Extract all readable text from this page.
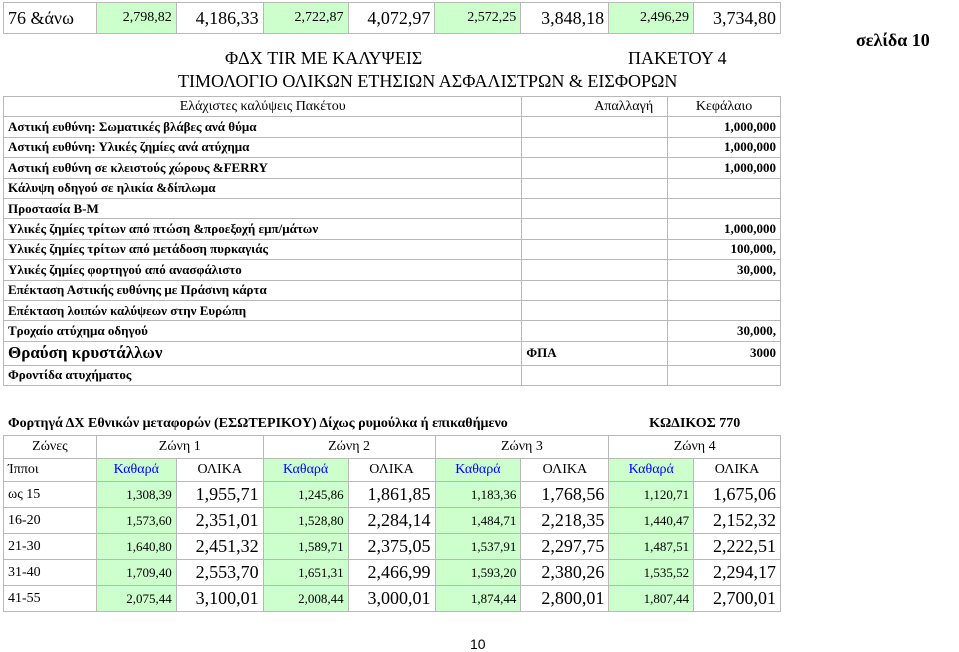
76 &άνω	2,798,82	4,186,33	2,722,87	4,072,97	2,572,25	3,848,18	2,496,29	3,734,80
σελίδα 10
ΦΔΧ TIR ΜΕ ΚΑΛΥΨΕΙΣ	ΠΑΚΕΤΟΥ 4
ΤΙΜΟΛΟΓΙΟ ΟΛΙΚΩΝ ΕΤΗΣΙΩΝ ΑΣΦΑΛΙΣΤΡΩΝ & ΕΙΣΦΟΡΩΝ
Ελάχιστες καλύψεις Πακέτου	Απαλλαγή	Κεφάλαιο
Αστική ευθύνη: Σωματικές βλάβες ανά θύμα		1,000,000
Αστική ευθύνη: Υλικές ζημίες ανά ατύχημα		1,000,000
Αστική ευθύνη σε κλειστούς χώρους &FERRY		1,000,000
Κάλυψη οδηγού σε ηλικία &δίπλωμα		
Προστασία Β-Μ		
Υλικές ζημίες τρίτων από πτώση &προεξοχή εμπ/μάτων		1,000,000
Υλικές ζημίες τρίτων από μετάδοση πυρκαγιάς		100,000,
Υλικές ζημίες φορτηγού από ανασφάλιστο		30,000,
Επέκταση Αστικής ευθύνης με Πράσινη κάρτα		
Επέκταση λοιπών καλύψεων στην Ευρώπη		
Τροχαίο ατύχημα οδηγού		30,000,
Θραύση κρυστάλλων	ΦΠΑ	3000
Φροντίδα ατυχήματος		
Φορτηγά ΔΧ Εθνικών μεταφορών (ΕΣΩΤΕΡΙΚΟΥ) Δίχως ρυμούλκα ή επικαθήμενο							ΚΩΔΙΚΟΣ 770	
Ζώνες	Ζώνη 1		Ζώνη 2		Ζώνη 3		Ζώνη 4	
Ίπποι	Καθαρά	ΟΛΙΚΑ	Καθαρά	ΟΛΙΚΑ	Καθαρά	ΟΛΙΚΑ	Καθαρά	ΟΛΙΚΑ
ως 15	1,308,39	1,955,71	1,245,86	1,861,85	1,183,36	1,768,56	1,120,71	1,675,06
16-20	1,573,60	2,351,01	1,528,80	2,284,14	1,484,71	2,218,35	1,440,47	2,152,32
21-30	1,640,80	2,451,32	1,589,71	2,375,05	1,537,91	2,297,75	1,487,51	2,222,51
31-40	1,709,40	2,553,70	1,651,31	2,466,99	1,593,20	2,380,26	1,535,52	2,294,17
41-55	2,075,44	3,100,01	2,008,44	3,000,01	1,874,44	2,800,01	1,807,44	2,700,01
10
